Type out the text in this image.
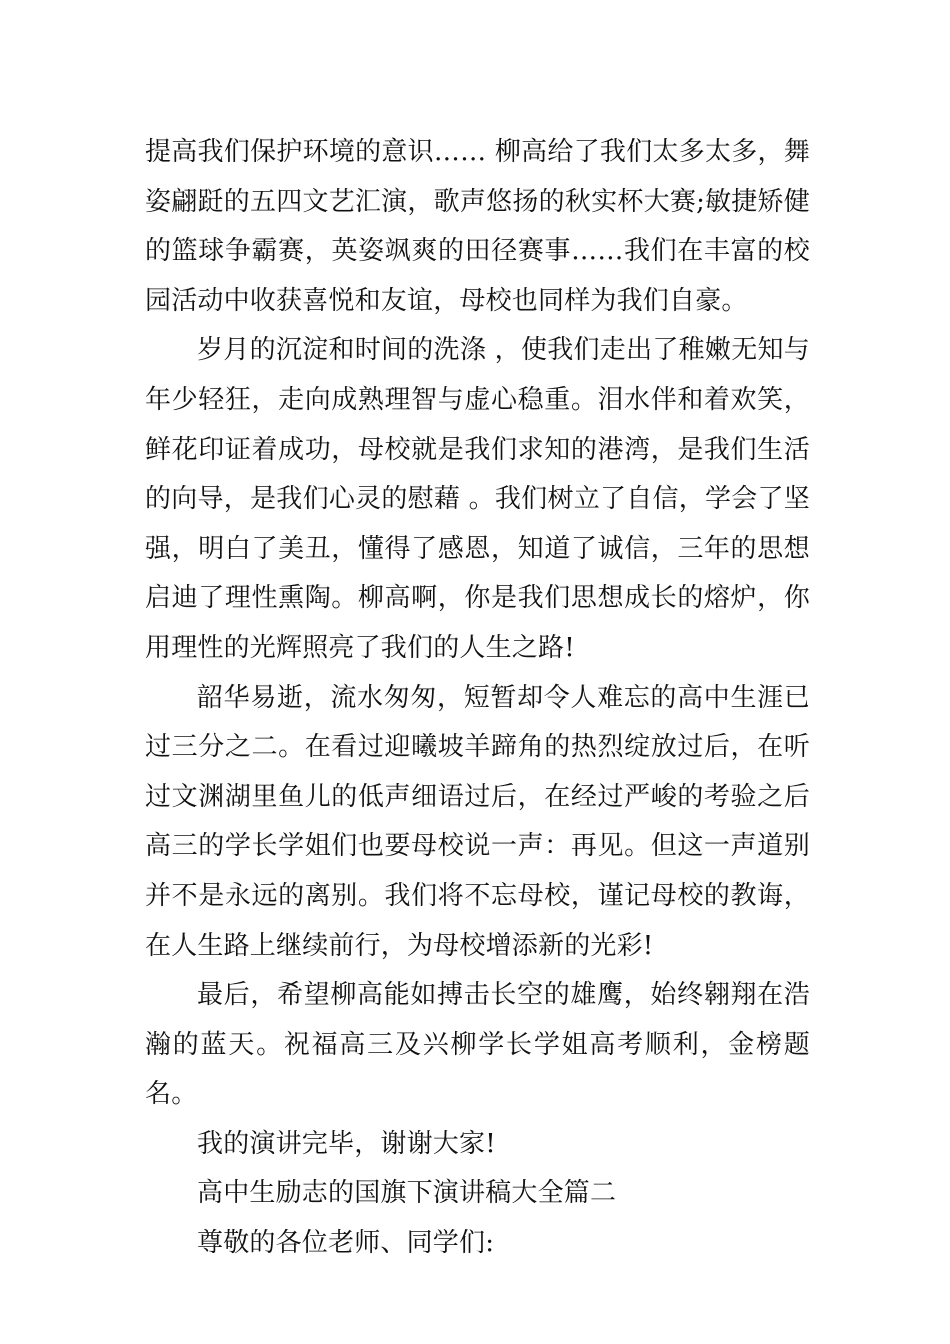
提高我们保护环境的意识…… 柳高给了我们太多太多，舞姿翩跹的五四文艺汇演，歌声悠扬的秋实杯大赛;敏捷矫健的篮球争霸赛，英姿飒爽的田径赛事……我们在丰富的校园活动中收获喜悦和友谊，母校也同样为我们自豪。

岁月的沉淀和时间的洗涤 ，使我们走出了稚嫩无知与年少轻狂，走向成熟理智与虚心稳重。泪水伴和着欢笑，鲜花印证着成功，母校就是我们求知的港湾，是我们生活的向导，是我们心灵的慰藉 。我们树立了自信，学会了坚强，明白了美丑，懂得了感恩，知道了诚信，三年的思想启迪了理性熏陶。柳高啊，你是我们思想成长的熔炉，你用理性的光辉照亮了我们的人生之路!

韶华易逝，流水匆匆，短暂却令人难忘的高中生涯已过三分之二。在看过迎曦坡羊蹄角的热烈绽放过后，在听过文渊湖里鱼儿的低声细语过后，在经过严峻的考验之后高三的学长学姐们也要母校说一声：再见。但这一声道别并不是永远的离别。我们将不忘母校，谨记母校的教诲，在人生路上继续前行，为母校增添新的光彩!

最后，希望柳高能如搏击长空的雄鹰，始终翱翔在浩瀚的蓝天。祝福高三及兴柳学长学姐高考顺利，金榜题名。

我的演讲完毕，谢谢大家!

高中生励志的国旗下演讲稿大全篇二

尊敬的各位老师、同学们:
